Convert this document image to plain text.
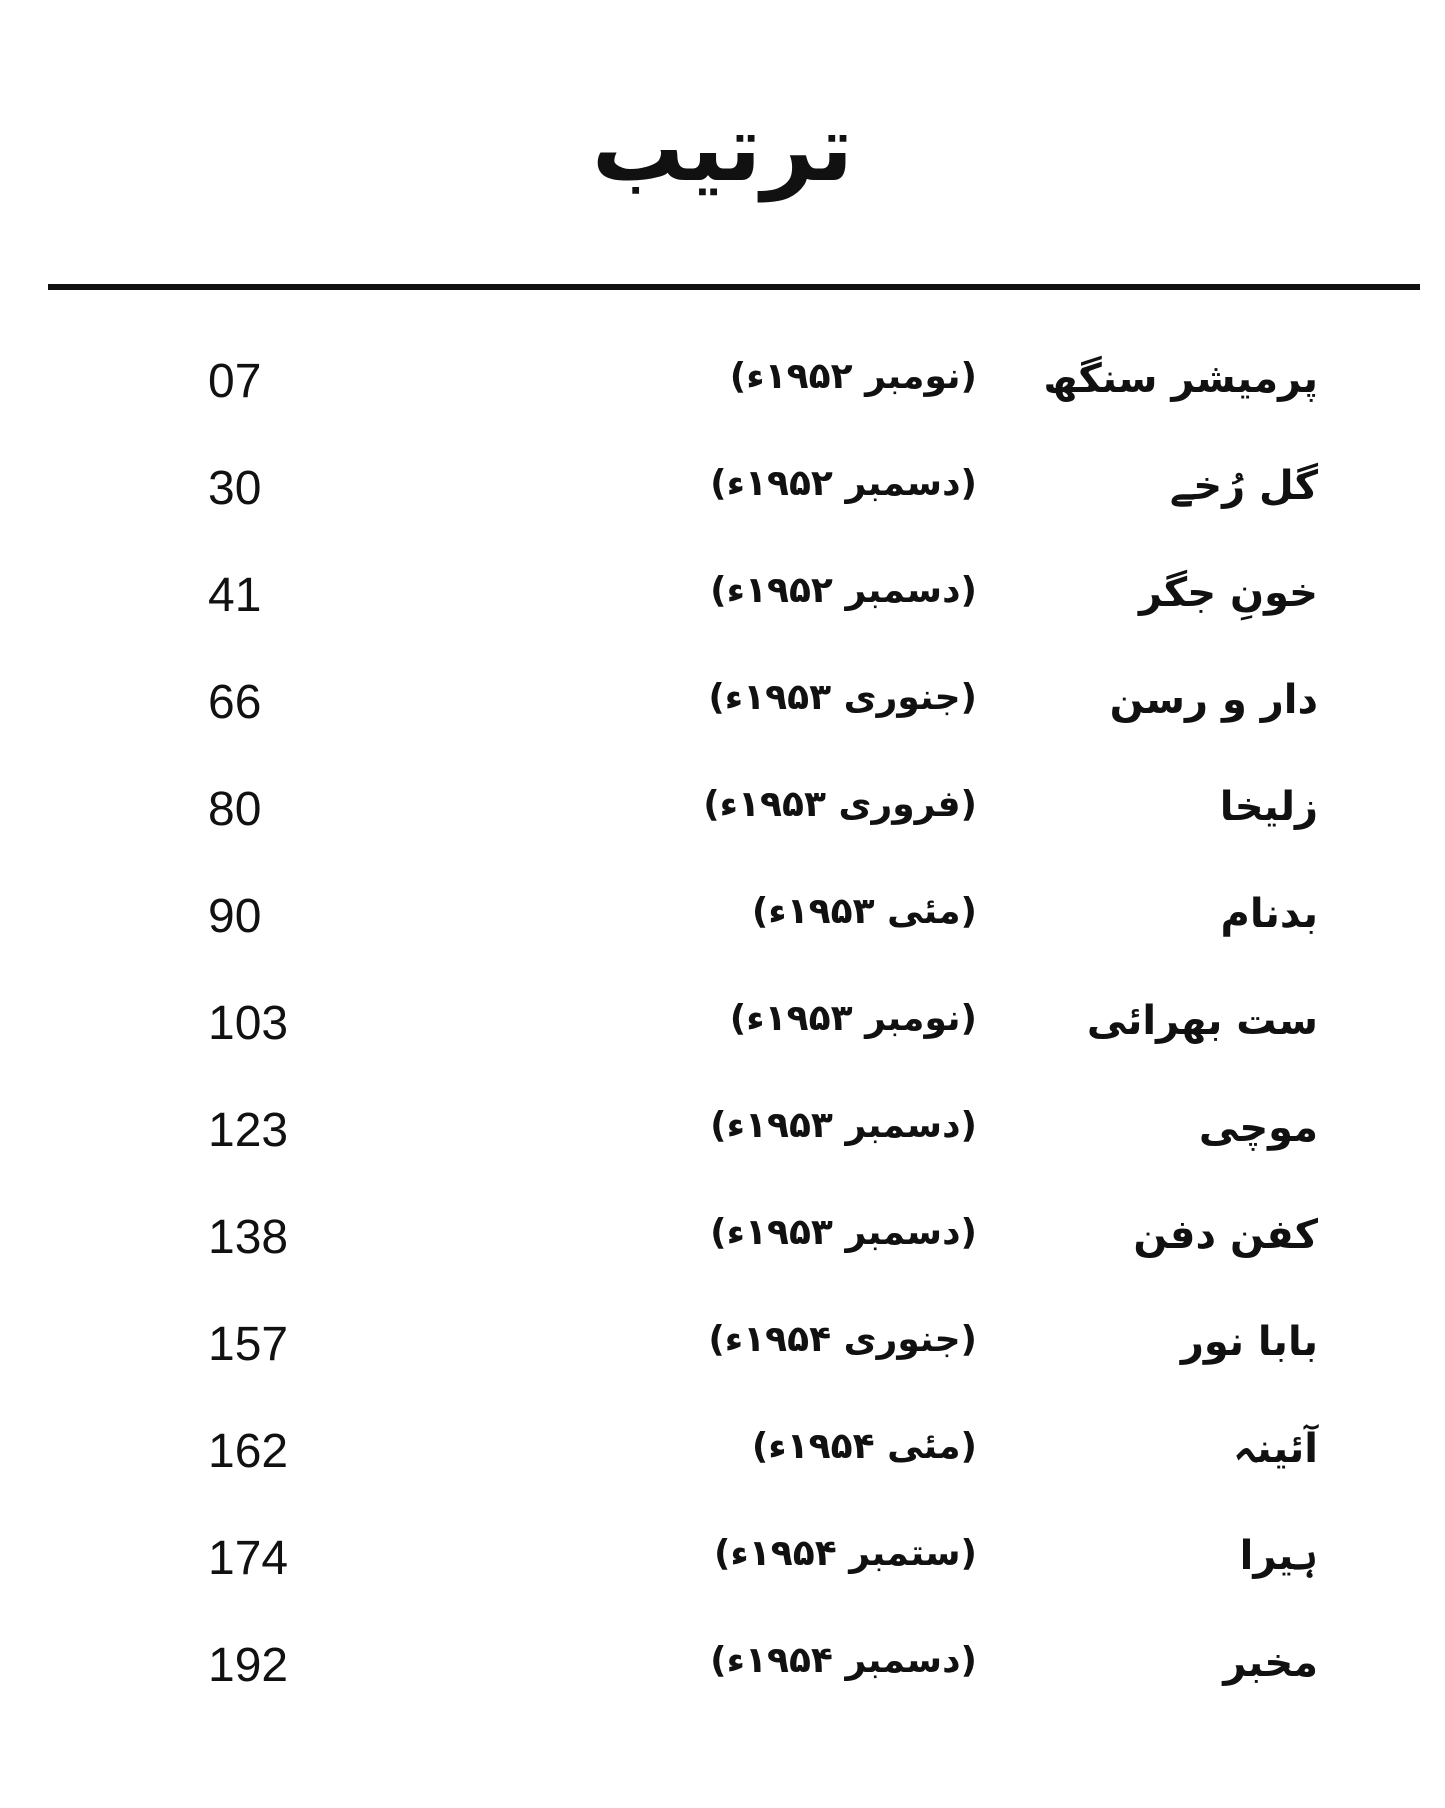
ترتیب
پرمیشر سنگھ
(نومبر ۱۹۵۲ء)
07
گل رُخے
(دسمبر ۱۹۵۲ء)
30
خونِ جگر
(دسمبر ۱۹۵۲ء)
41
دار و رسن
(جنوری ۱۹۵۳ء)
66
زلیخا
(فروری ۱۹۵۳ء)
80
بدنام
(مئی ۱۹۵۳ء)
90
ست بھرائی
(نومبر ۱۹۵۳ء)
103
موچی
(دسمبر ۱۹۵۳ء)
123
کفن دفن
(دسمبر ۱۹۵۳ء)
138
بابا نور
(جنوری ۱۹۵۴ء)
157
آئینہ
(مئی ۱۹۵۴ء)
162
ہیرا
(ستمبر ۱۹۵۴ء)
174
مخبر
(دسمبر ۱۹۵۴ء)
192
